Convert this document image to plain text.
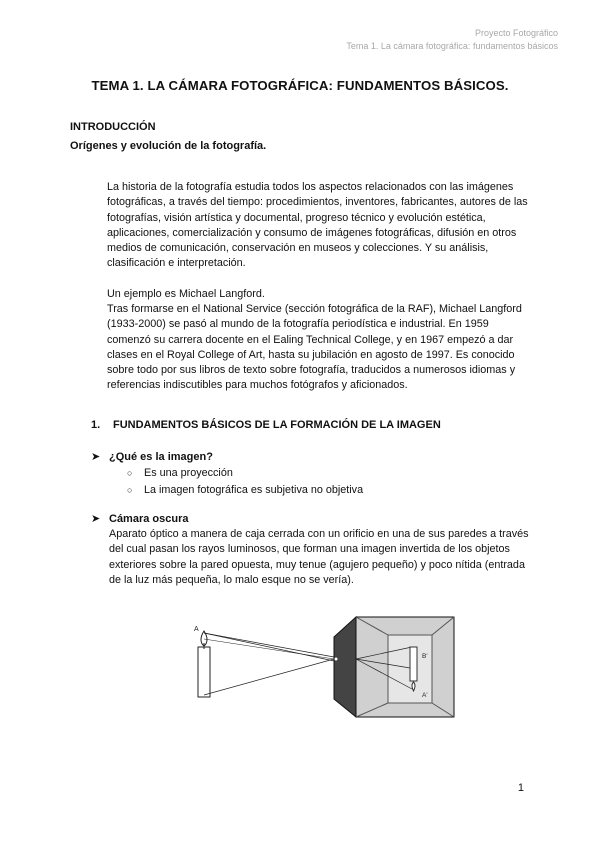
Proyecto Fotográfico
Tema 1. La cámara fotográfica: fundamentos básicos
TEMA 1. LA CÁMARA FOTOGRÁFICA: FUNDAMENTOS BÁSICOS.
INTRODUCCIÓN
Orígenes y evolución de la fotografía.

La historia de la fotografía estudia todos los aspectos relacionados con las imágenes fotográficas, a través del tiempo: procedimientos, inventores, fabricantes, autores de las fotografías, visión artística y documental, progreso técnico y evolución estética, aplicaciones, comercialización y consumo de imágenes fotográficas, difusión en otros medios de comunicación, conservación en museos y colecciones. Y su análisis, clasificación e interpretación.

Un ejemplo es Michael Langford.

Tras formarse en el National Service (sección fotográfica de la RAF), Michael Langford (1933-2000) se pasó al mundo de la fotografía periodística e industrial. En 1959 comenzó su carrera docente en el Ealing Technical College, y en 1967 empezó a dar clases en el Royal College of Art, hasta su jubilación en agosto de 1997. Es conocido sobre todo por sus libros de texto sobre fotografía, traducidos a numerosos idiomas y referencias indiscutibles para muchos fotógrafos y aficionados.

1. FUNDAMENTOS BÁSICOS DE LA FORMACIÓN DE LA IMAGEN
➤ ¿Qué es la imagen?
○ Es una proyección
○ La imagen fotográfica es subjetiva no objetiva
➤ Cámara oscura

Aparato óptico a manera de caja cerrada con un orificio en una de sus paredes a través del cual pasan los rayos luminosos, que forman una imagen invertida de los objetos exteriores sobre la pared opuesta, muy tenue (agujero pequeño) y poco nítida (entrada de la luz más pequeña, lo malo esque no se vería).

A
B'
A'
1
